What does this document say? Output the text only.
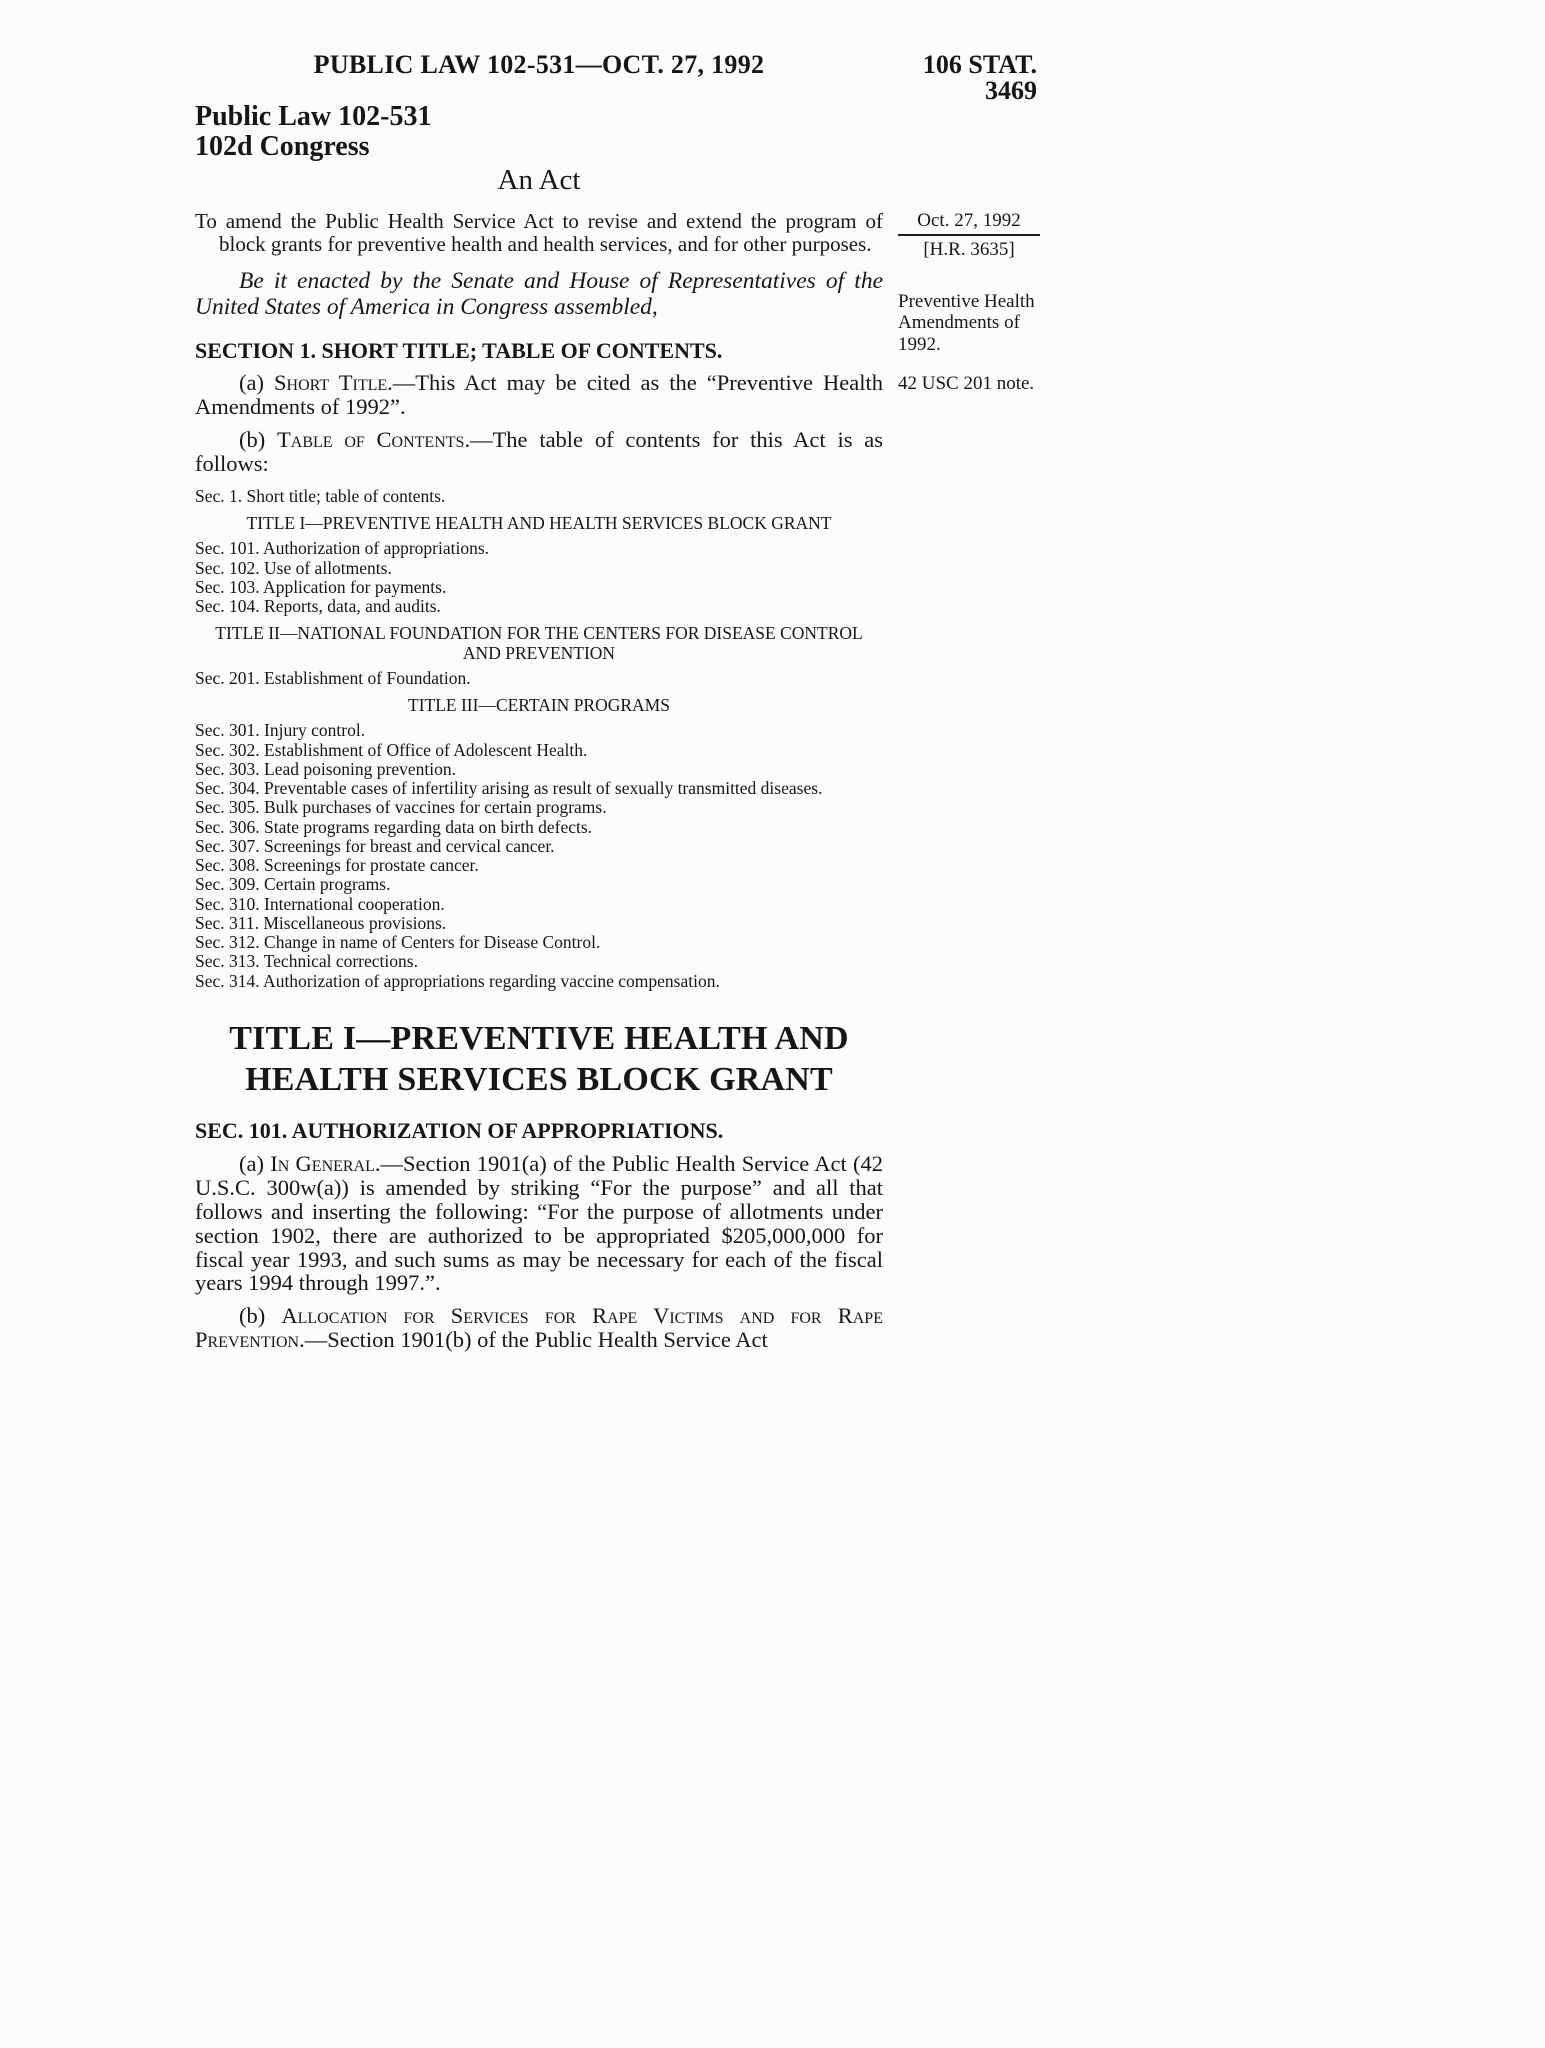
PUBLIC LAW 102-531—OCT. 27, 1992	106 STAT. 3469
Public Law 102-531
102d Congress
An Act

To amend the Public Health Service Act to revise and extend the program of block grants for preventive health and health services, and for other purposes.

Be it enacted by the Senate and House of Representatives of the United States of America in Congress assembled,

SECTION 1. SHORT TITLE; TABLE OF CONTENTS.

(a) Short Title.—This Act may be cited as the “Preventive Health Amendments of 1992”.

(b) Table of Contents.—The table of contents for this Act is as follows:

Sec. 1. Short title; table of contents.
TITLE I—PREVENTIVE HEALTH AND HEALTH SERVICES BLOCK GRANT
Sec. 101. Authorization of appropriations.
Sec. 102. Use of allotments.
Sec. 103. Application for payments.
Sec. 104. Reports, data, and audits.
TITLE II—NATIONAL FOUNDATION FOR THE CENTERS FOR DISEASE CONTROL AND PREVENTION
Sec. 201. Establishment of Foundation.
TITLE III—CERTAIN PROGRAMS
Sec. 301. Injury control.
Sec. 302. Establishment of Office of Adolescent Health.
Sec. 303. Lead poisoning prevention.
Sec. 304. Preventable cases of infertility arising as result of sexually transmitted diseases.
Sec. 305. Bulk purchases of vaccines for certain programs.
Sec. 306. State programs regarding data on birth defects.
Sec. 307. Screenings for breast and cervical cancer.
Sec. 308. Screenings for prostate cancer.
Sec. 309. Certain programs.
Sec. 310. International cooperation.
Sec. 311. Miscellaneous provisions.
Sec. 312. Change in name of Centers for Disease Control.
Sec. 313. Technical corrections.
Sec. 314. Authorization of appropriations regarding vaccine compensation.
TITLE I—PREVENTIVE HEALTH AND
HEALTH SERVICES BLOCK GRANT
SEC. 101. AUTHORIZATION OF APPROPRIATIONS.

(a) In General.—Section 1901(a) of the Public Health Service Act (42 U.S.C. 300w(a)) is amended by striking “For the purpose” and all that follows and inserting the following: “For the purpose of allotments under section 1902, there are authorized to be appropriated $205,000,000 for fiscal year 1993, and such sums as may be necessary for each of the fiscal years 1994 through 1997.”.

(b) Allocation for Services for Rape Victims and for Rape Prevention.—Section 1901(b) of the Public Health Service Act

Oct. 27, 1992
[H.R. 3635]
Preventive Health Amendments of 1992.
42 USC 201 note.
